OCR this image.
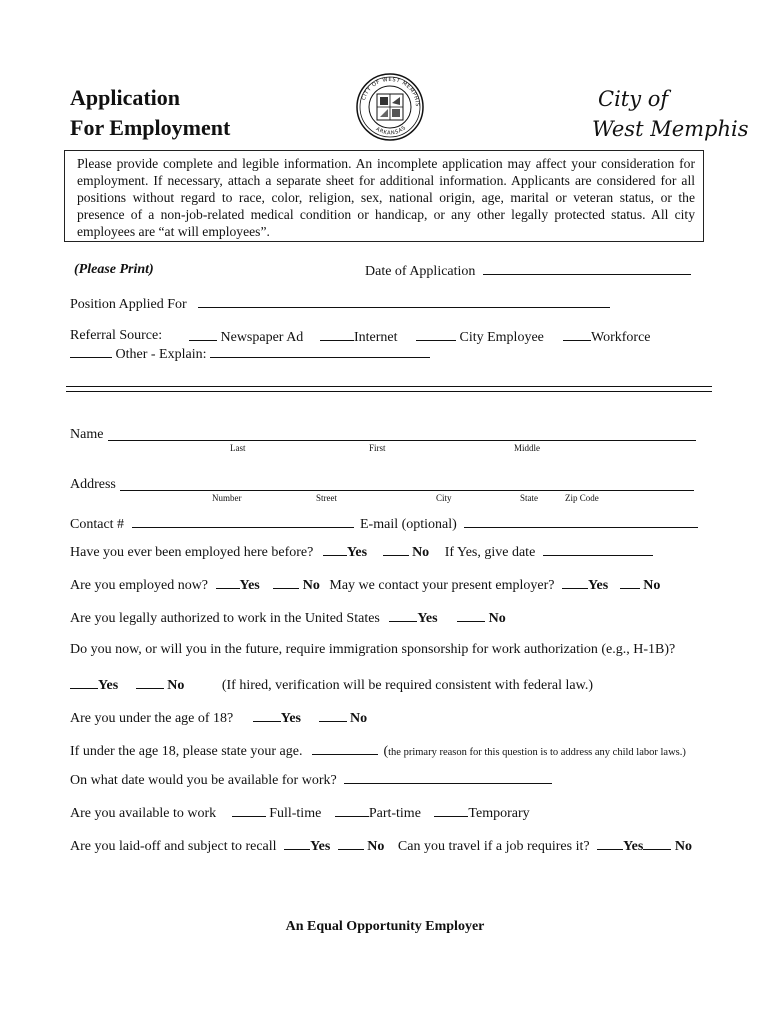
Application
For Employment
CITY OF WEST MEMPHIS
ARKANSAS
City of
West Memphis
Please provide complete and legible information. An incomplete application may affect your consideration for employment. If necessary, attach a separate sheet for additional information. Applicants are considered for all positions without regard to race, color, religion, sex, national origin, age, marital or veteran status, or the presence of a non-job-related medical condition or handicap, or any other legally protected status. All city employees are “at will employees”.
(Please Print)	Date of Application
Position Applied For
Referral Source:	Newspaper Ad	Internet	City Employee	Workforce
Other - Explain:
Name
Last	First	Middle
Address
Number	Street	City	State	Zip Code
Contact #	E-mail (optional)
Have you ever been employed here before? Yes	No If Yes, give date
Are you employed now? Yes	No May we contact your present employer? Yes	No
Are you legally authorized to work in the United States	Yes	No
Do you now, or will you in the future, require immigration sponsorship for work authorization (e.g., H-1B)?
Yes	No	(If hired, verification will be required consistent with federal law.)
Are you under the age of 18?	Yes	No
If under the age 18, please state your age.	(the primary reason for this question is to address any child labor laws.)
On what date would you be available for work?
Are you available to work	Full-time	Part-time	Temporary
Are you laid-off and subject to recall Yes	No Can you travel if a job requires it? Yes No
An Equal Opportunity Employer
